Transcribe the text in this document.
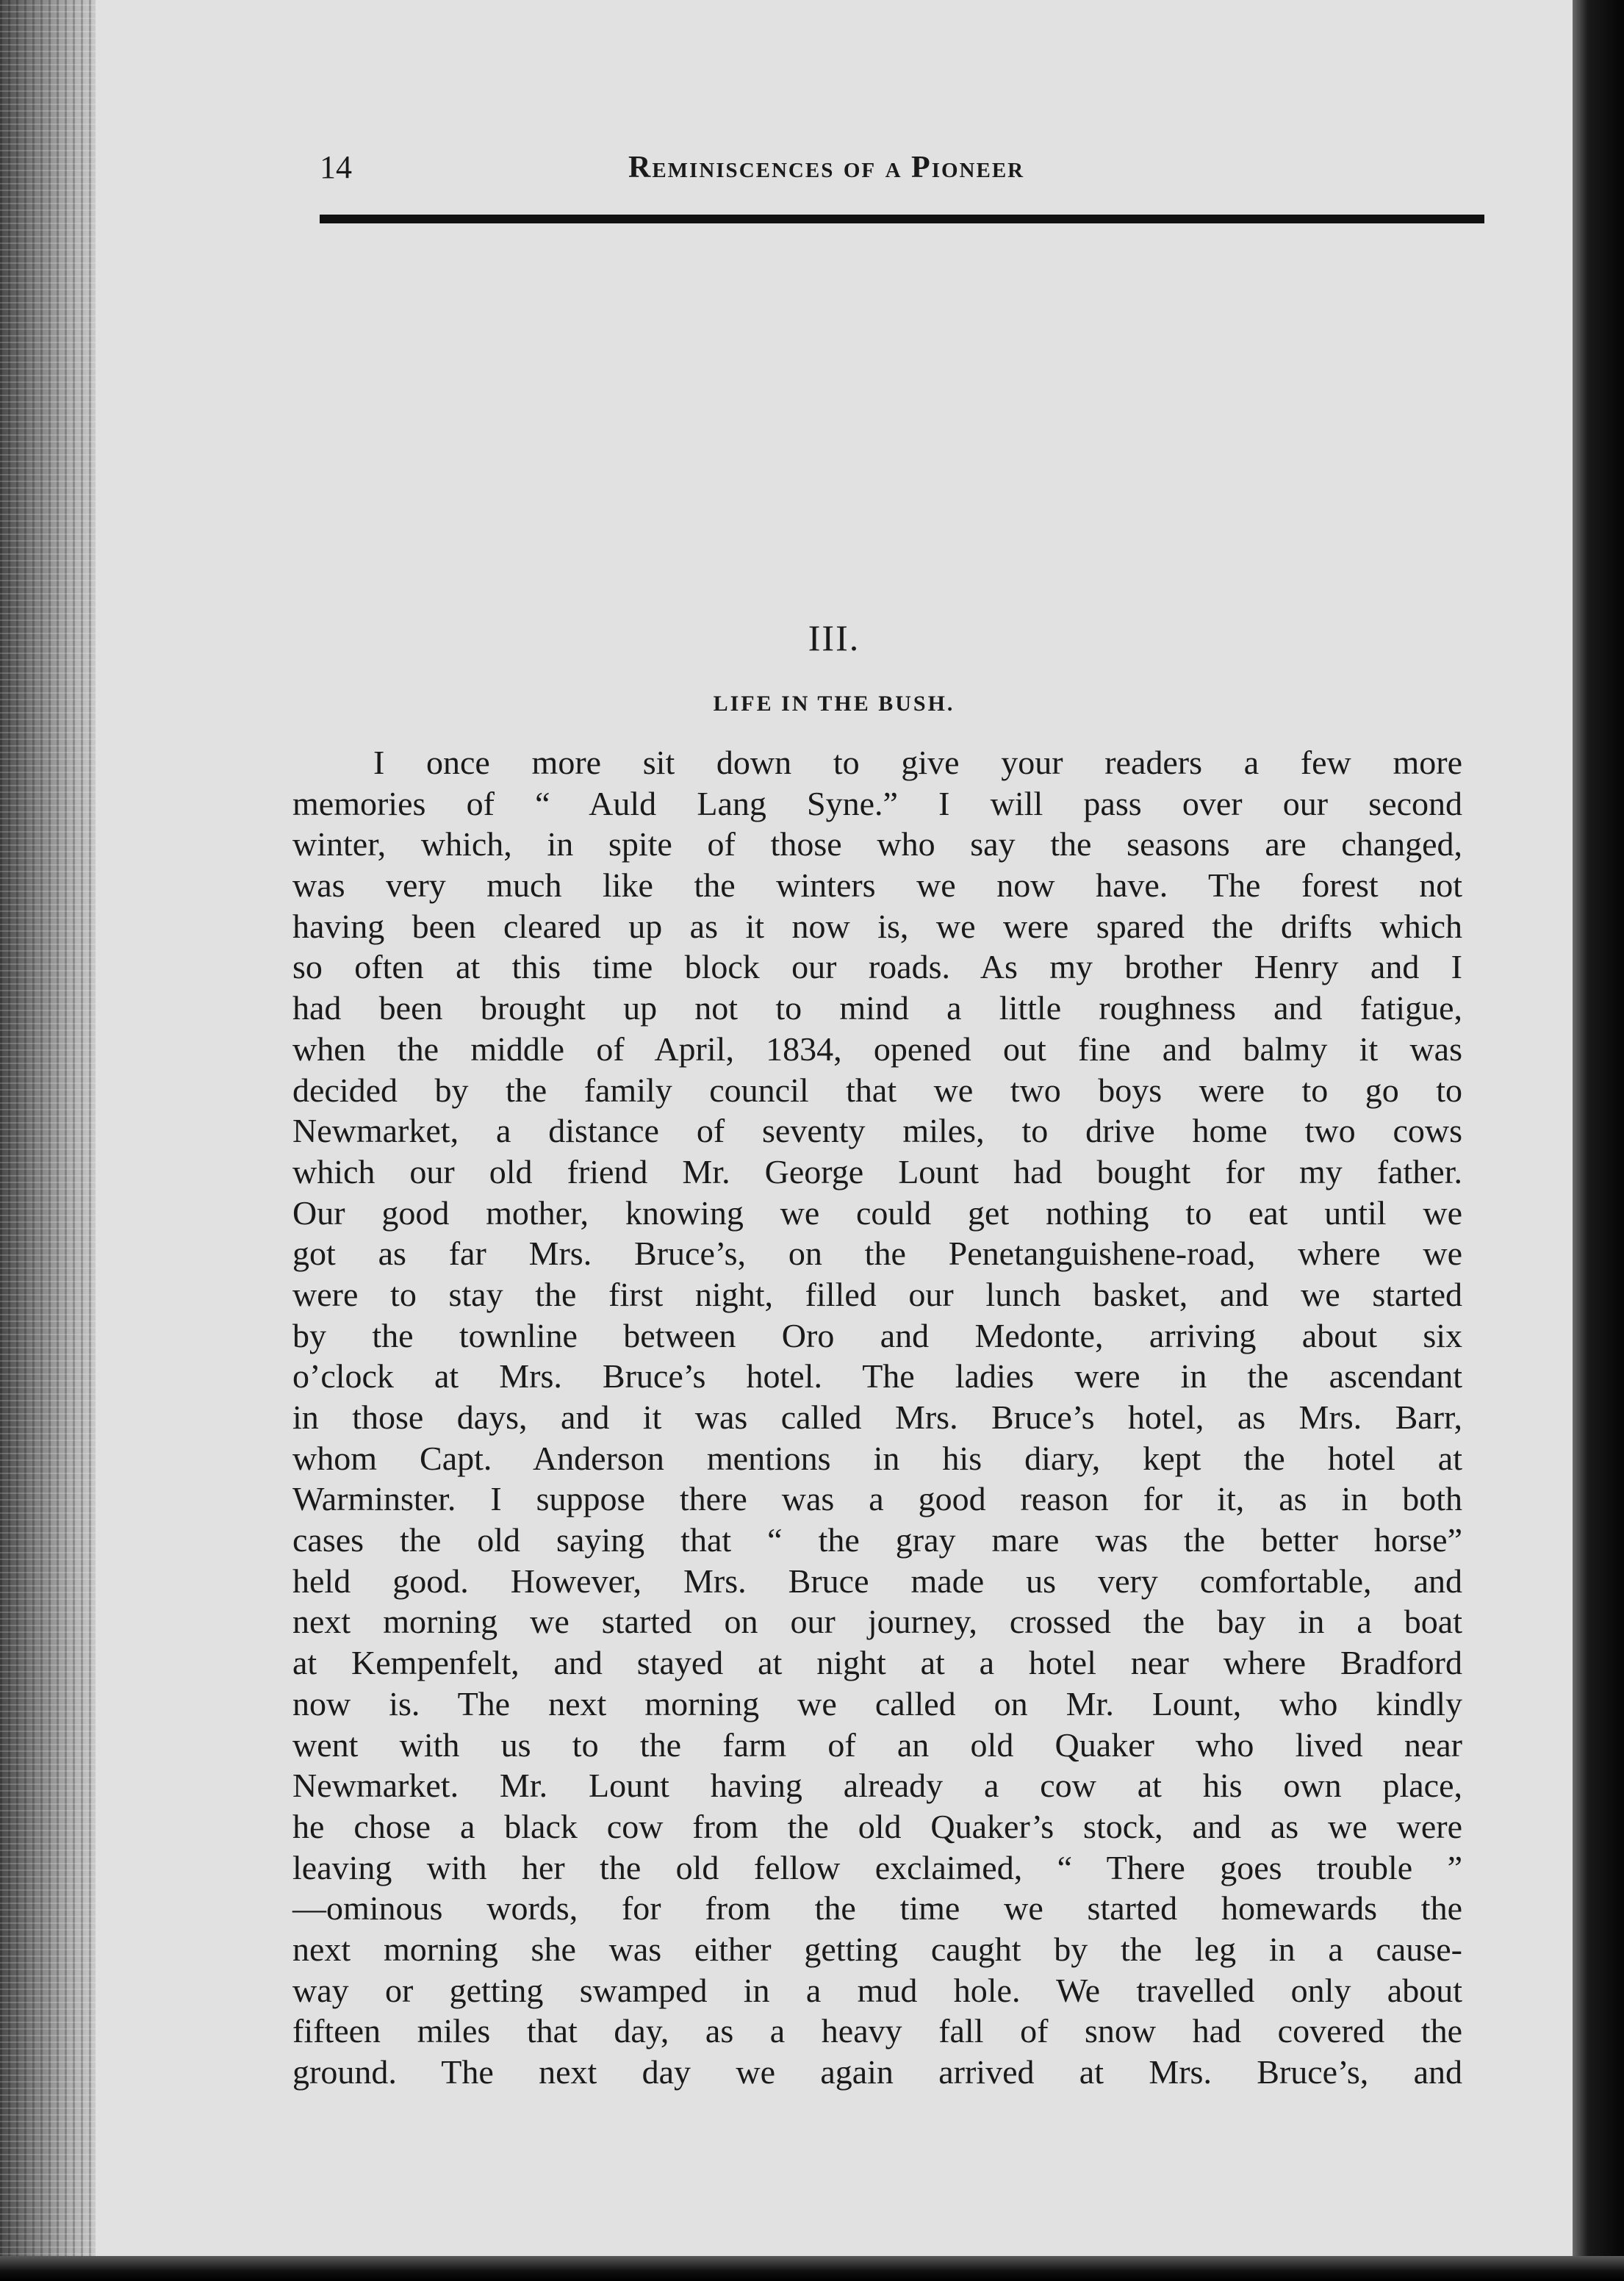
14	Reminiscences of a Pioneer
III.
LIFE IN THE BUSH.
I once more sit down to give your readers a few more
memories of “ Auld Lang Syne.” I will pass over our second
winter, which, in spite of those who say the seasons are changed,
was very much like the winters we now have. The forest not
having been cleared up as it now is, we were spared the drifts which
so often at this time block our roads. As my brother Henry and I
had been brought up not to mind a little roughness and fatigue,
when the middle of April, 1834, opened out fine and balmy it was
decided by the family council that we two boys were to go to
Newmarket, a distance of seventy miles, to drive home two cows
which our old friend Mr. George Lount had bought for my father.
Our good mother, knowing we could get nothing to eat until we
got as far Mrs. Bruce’s, on the Penetanguishene-road, where we
were to stay the first night, filled our lunch basket, and we started
by the townline between Oro and Medonte, arriving about six
o’clock at Mrs. Bruce’s hotel. The ladies were in the ascendant
in those days, and it was called Mrs. Bruce’s hotel, as Mrs. Barr,
whom Capt. Anderson mentions in his diary, kept the hotel at
Warminster. I suppose there was a good reason for it, as in both
cases the old saying that “ the gray mare was the better horse”
held good. However, Mrs. Bruce made us very comfortable, and
next morning we started on our journey, crossed the bay in a boat
at Kempenfelt, and stayed at night at a hotel near where Bradford
now is. The next morning we called on Mr. Lount, who kindly
went with us to the farm of an old Quaker who lived near
Newmarket. Mr. Lount having already a cow at his own place,
he chose a black cow from the old Quaker’s stock, and as we were
leaving with her the old fellow exclaimed, “ There goes trouble ”
—ominous words, for from the time we started homewards the
next morning she was either getting caught by the leg in a cause-
way or getting swamped in a mud hole. We travelled only about
fifteen miles that day, as a heavy fall of snow had covered the
ground. The next day we again arrived at Mrs. Bruce’s, and
